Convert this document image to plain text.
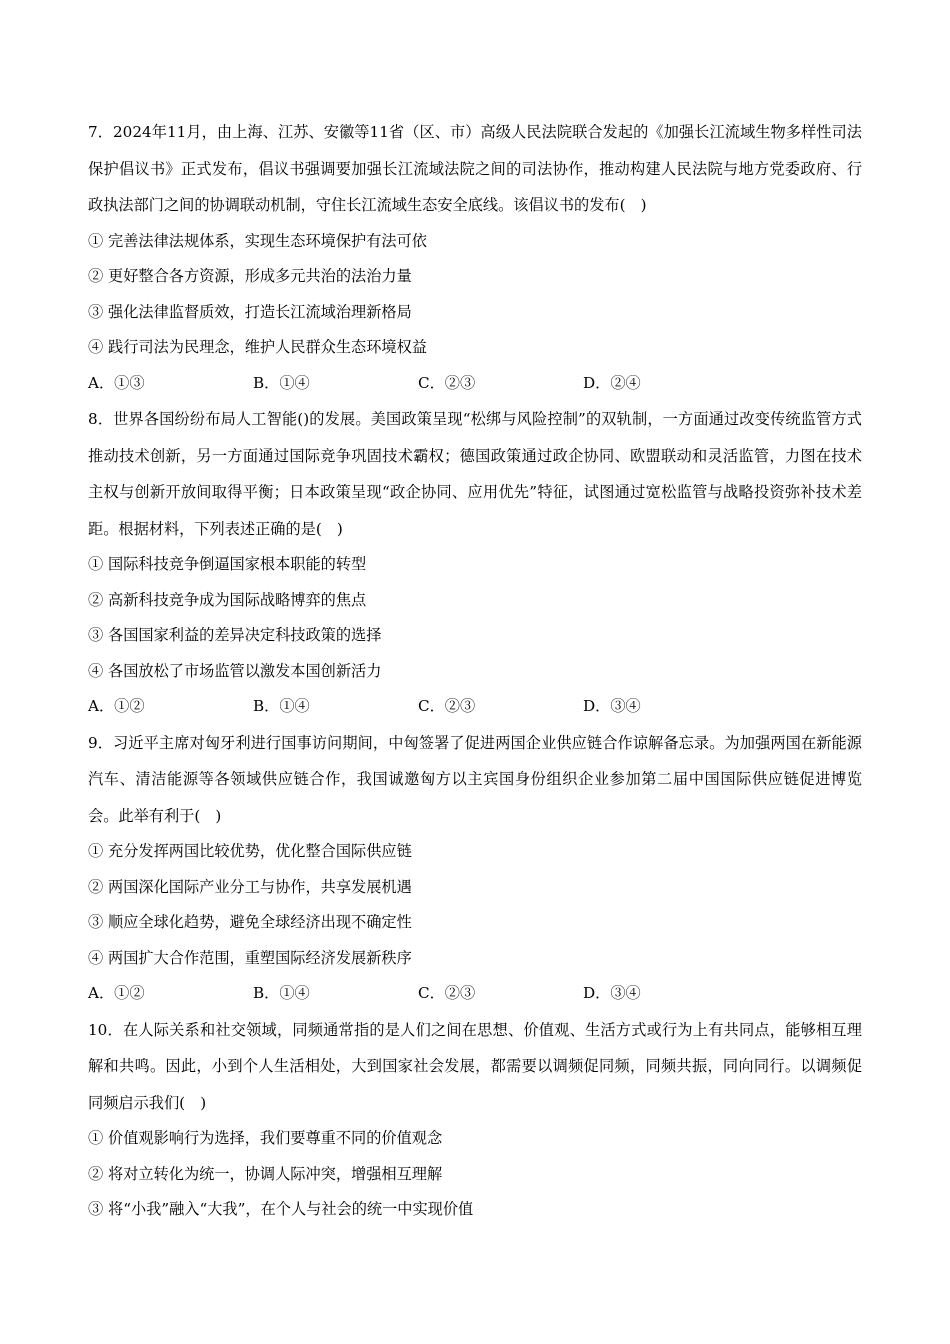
7．2024年11月，由上海、江苏、安徽等11省（区、市）高级人民法院联合发起的《加强长江流域生物多样性司法保护倡议书》正式发布，倡议书强调要加强长江流域法院之间的司法协作，推动构建人民法院与地方党委政府、行政执法部门之间的协调联动机制，守住长江流域生态安全底线。该倡议书的发布(　)

① 完善法律法规体系，实现生态环境保护有法可依

② 更好整合各方资源，形成多元共治的法治力量

③ 强化法律监督质效，打造长江流域治理新格局

④ 践行司法为民理念，维护人民群众生态环境权益

A．①③	B．①④	C．②③	D．②④

8．世界各国纷纷布局人工智能()的发展。美国政策呈现“松绑与风险控制”的双轨制，一方面通过改变传统监管方式推动技术创新，另一方面通过国际竞争巩固技术霸权；德国政策通过政企协同、欧盟联动和灵活监管，力图在技术主权与创新开放间取得平衡；日本政策呈现“政企协同、应用优先”特征，试图通过宽松监管与战略投资弥补技术差距。根据材料，下列表述正确的是(　)

① 国际科技竞争倒逼国家根本职能的转型

② 高新科技竞争成为国际战略博弈的焦点

③ 各国国家利益的差异决定科技政策的选择

④ 各国放松了市场监管以激发本国创新活力

A．①②	B．①④	C．②③	D．③④

9．习近平主席对匈牙利进行国事访问期间，中匈签署了促进两国企业供应链合作谅解备忘录。为加强两国在新能源汽车、清洁能源等各领域供应链合作，我国诚邀匈方以主宾国身份组织企业参加第二届中国国际供应链促进博览会。此举有利于(　)

① 充分发挥两国比较优势，优化整合国际供应链

② 两国深化国际产业分工与协作，共享发展机遇

③ 顺应全球化趋势，避免全球经济出现不确定性

④ 两国扩大合作范围，重塑国际经济发展新秩序

A．①②	B．①④	C．②③	D．③④

10．在人际关系和社交领域，同频通常指的是人们之间在思想、价值观、生活方式或行为上有共同点，能够相互理解和共鸣。因此，小到个人生活相处，大到国家社会发展，都需要以调频促同频，同频共振，同向同行。以调频促同频启示我们(　)

① 价值观影响行为选择，我们要尊重不同的价值观念

② 将对立转化为统一，协调人际冲突，增强相互理解

③ 将“小我”融入“大我”，在个人与社会的统一中实现价值
